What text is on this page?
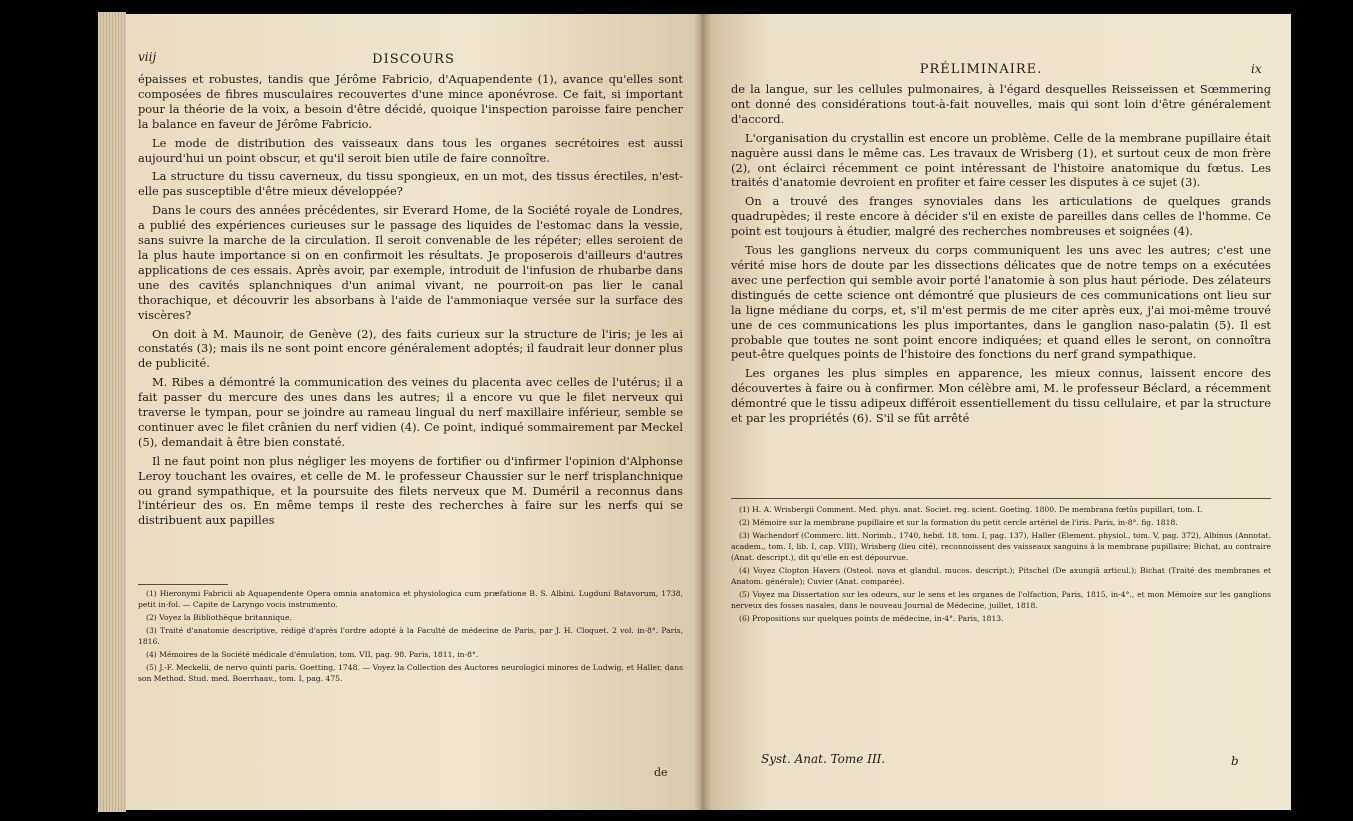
viij	DISCOURS

épaisses et robustes, tandis que Jérôme Fabricio, d'Aquapendente (1), avance qu'elles sont composées de fibres musculaires recouvertes d'une mince aponévrose. Ce fait, si important pour la théorie de la voix, a besoin d'être décidé, quoique l'inspection paroisse faire pencher la balance en faveur de Jérôme Fabricio.

Le mode de distribution des vaisseaux dans tous les organes secrétoires est aussi aujourd'hui un point obscur, et qu'il seroit bien utile de faire connoître.

La structure du tissu caverneux, du tissu spongieux, en un mot, des tissus érectiles, n'est-elle pas susceptible d'être mieux développée?

Dans le cours des années précédentes, sir Everard Home, de la Société royale de Londres, a publié des expériences curieuses sur le passage des liquides de l'estomac dans la vessie, sans suivre la marche de la circulation. Il seroit convenable de les répéter; elles seroient de la plus haute importance si on en confirmoit les résultats. Je proposerois d'ailleurs d'autres applications de ces essais. Après avoir, par exemple, introduit de l'infusion de rhubarbe dans une des cavités splanchniques d'un animal vivant, ne pourroit-on pas lier le canal thorachique, et découvrir les absorbans à l'aide de l'ammoniaque versée sur la surface des viscères?

On doit à M. Maunoir, de Genève (2), des faits curieux sur la structure de l'iris; je les ai constatés (3); mais ils ne sont point encore généralement adoptés; il faudrait leur donner plus de publicité.

M. Ribes a démontré la communication des veines du placenta avec celles de l'utérus; il a fait passer du mercure des unes dans les autres; il a encore vu que le filet nerveux qui traverse le tympan, pour se joindre au rameau lingual du nerf maxillaire inférieur, semble se continuer avec le filet crânien du nerf vidien (4). Ce point, indiqué sommairement par Meckel (5), demandait à être bien constaté.

Il ne faut point non plus négliger les moyens de fortifier ou d'infirmer l'opinion d'Alphonse Leroy touchant les ovaires, et celle de M. le professeur Chaussier sur le nerf trisplanchnique ou grand sympathique, et la poursuite des filets nerveux que M. Duméril a reconnus dans l'intérieur des os. En même temps il reste des recherches à faire sur les nerfs qui se distribuent aux papilles

(1) Hieronymi Fabricii ab Aquapendente Opera omnia anatomica et physiologica cum præfatione B. S. Albini. Lugduni Batavorum, 1738, petit in-fol. — Capite de Laryngo vocis instrumento.

(2) Voyez la Bibliothèque britannique.

(3) Traité d'anatomie descriptive, rédigé d'après l'ordre adopté à la Faculté de médecine de Paris, par J. H. Cloquet. 2 vol. in-8°. Paris, 1816.

(4) Mémoires de la Société médicale d'émulation, tom. VII, pag. 98. Paris, 1811, in-8°.

(5) J.-F. Meckelii, de nervo quinti paris. Goetting, 1748. — Voyez la Collection des Auctores neurologici minores de Ludwig, et Haller, dans son Method. Stud. med. Boerrhaav., tom. I, pag. 475.

de
PRÉLIMINAIRE.	ix

de la langue, sur les cellules pulmonaires, à l'égard desquelles Reisseissen et Sœmmering ont donné des considérations tout-à-fait nouvelles, mais qui sont loin d'être généralement d'accord.

L'organisation du crystallin est encore un problème. Celle de la membrane pupillaire était naguère aussi dans le même cas. Les travaux de Wrisberg (1), et surtout ceux de mon frère (2), ont éclairci récemment ce point intéressant de l'histoire anatomique du fœtus. Les traités d'anatomie devroient en profiter et faire cesser les disputes à ce sujet (3).

On a trouvé des franges synoviales dans les articulations de quelques grands quadrupèdes; il reste encore à décider s'il en existe de pareilles dans celles de l'homme. Ce point est toujours à étudier, malgré des recherches nombreuses et soignées (4).

Tous les ganglions nerveux du corps communiquent les uns avec les autres; c'est une vérité mise hors de doute par les dissections délicates que de notre temps on a exécutées avec une perfection qui semble avoir porté l'anatomie à son plus haut période. Des zélateurs distingués de cette science ont démontré que plusieurs de ces communications ont lieu sur la ligne médiane du corps, et, s'il m'est permis de me citer après eux, j'ai moi-même trouvé une de ces communications les plus importantes, dans le ganglion naso-palatin (5). Il est probable que toutes ne sont point encore indiquées; et quand elles le seront, on connoîtra peut-être quelques points de l'histoire des fonctions du nerf grand sympathique.

Les organes les plus simples en apparence, les mieux connus, laissent encore des découvertes à faire ou à confirmer. Mon célèbre ami, M. le professeur Béclard, a récemment démontré que le tissu adipeux différoit essentiellement du tissu cellulaire, et par la structure et par les propriétés (6). S'il se fût arrêté

(1) H. A. Wrisbergii Comment. Med. phys. anat. Societ. reg. scient. Goeting. 1800. De membrana fœtûs pupillari, tom. I.

(2) Mémoire sur la membrane pupillaire et sur la formation du petit cercle artériel de l'iris. Paris, in-8°. fig. 1818.

(3) Wachendorf (Commerc. litt. Norimb., 1740, hebd. 18, tom. I, pag. 137), Haller (Element. physiol., tom. V, pag. 372), Albinus (Annotat. academ., tom. I, lib. I, cap. VIII), Wrisberg (lieu cité), reconnoissent des vaisseaux sanguins à la membrane pupillaire; Bichat, au contraire (Anat. descript.), dit qu'elle en est dépourvue.

(4) Voyez Clopton Havers (Osteol. nova et glandul. mucos. descript.); Pitschel (De axungiâ articul.); Bichat (Traité des membranes et Anatom. générale); Cuvier (Anat. comparée).

(5) Voyez ma Dissertation sur les odeurs, sur le sens et les organes de l'olfaction, Paris, 1815, in-4°., et mon Mémoire sur les ganglions nerveux des fosses nasales, dans le nouveau Journal de Médecine, juillet, 1818.

(6) Propositions sur quelques points de médecine, in-4°. Paris, 1813.

Syst. Anat. Tome III.	b
